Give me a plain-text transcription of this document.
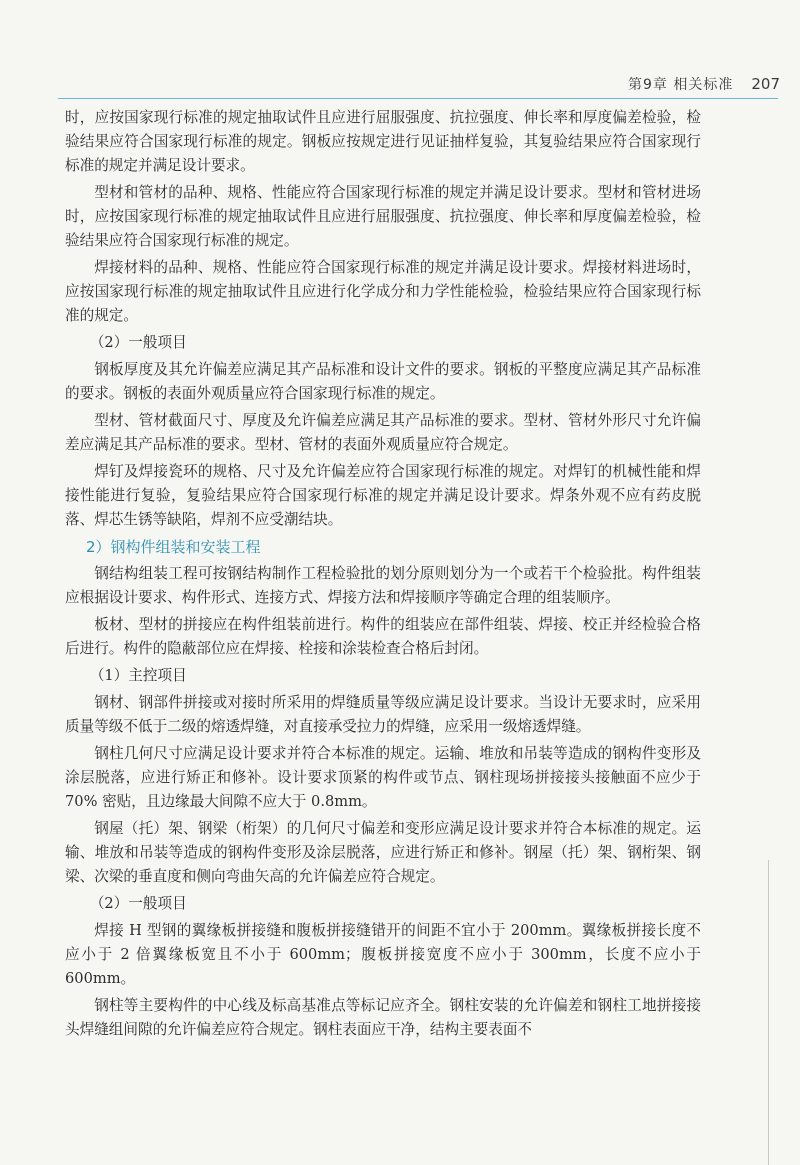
第9章 相关标准 207

时，应按国家现行标准的规定抽取试件且应进行屈服强度、抗拉强度、伸长率和厚度偏差检验，检验结果应符合国家现行标准的规定。钢板应按规定进行见证抽样复验，其复验结果应符合国家现行标准的规定并满足设计要求。

型材和管材的品种、规格、性能应符合国家现行标准的规定并满足设计要求。型材和管材进场时，应按国家现行标准的规定抽取试件且应进行屈服强度、抗拉强度、伸长率和厚度偏差检验，检验结果应符合国家现行标准的规定。

焊接材料的品种、规格、性能应符合国家现行标准的规定并满足设计要求。焊接材料进场时，应按国家现行标准的规定抽取试件且应进行化学成分和力学性能检验，检验结果应符合国家现行标准的规定。

（2）一般项目

钢板厚度及其允许偏差应满足其产品标准和设计文件的要求。钢板的平整度应满足其产品标准的要求。钢板的表面外观质量应符合国家现行标准的规定。

型材、管材截面尺寸、厚度及允许偏差应满足其产品标准的要求。型材、管材外形尺寸允许偏差应满足其产品标准的要求。型材、管材的表面外观质量应符合规定。

焊钉及焊接瓷环的规格、尺寸及允许偏差应符合国家现行标准的规定。对焊钉的机械性能和焊接性能进行复验，复验结果应符合国家现行标准的规定并满足设计要求。焊条外观不应有药皮脱落、焊芯生锈等缺陷，焊剂不应受潮结块。

2）钢构件组装和安装工程

钢结构组装工程可按钢结构制作工程检验批的划分原则划分为一个或若干个检验批。构件组装应根据设计要求、构件形式、连接方式、焊接方法和焊接顺序等确定合理的组装顺序。

板材、型材的拼接应在构件组装前进行。构件的组装应在部件组装、焊接、校正并经检验合格后进行。构件的隐蔽部位应在焊接、栓接和涂装检查合格后封闭。

（1）主控项目

钢材、钢部件拼接或对接时所采用的焊缝质量等级应满足设计要求。当设计无要求时，应采用质量等级不低于二级的熔透焊缝，对直接承受拉力的焊缝，应采用一级熔透焊缝。

钢柱几何尺寸应满足设计要求并符合本标准的规定。运输、堆放和吊装等造成的钢构件变形及涂层脱落，应进行矫正和修补。设计要求顶紧的构件或节点、钢柱现场拼接接头接触面不应少于 70% 密贴，且边缘最大间隙不应大于 0.8mm。

钢屋（托）架、钢梁（桁架）的几何尺寸偏差和变形应满足设计要求并符合本标准的规定。运输、堆放和吊装等造成的钢构件变形及涂层脱落，应进行矫正和修补。钢屋（托）架、钢桁架、钢梁、次梁的垂直度和侧向弯曲矢高的允许偏差应符合规定。

（2）一般项目

焊接 H 型钢的翼缘板拼接缝和腹板拼接缝错开的间距不宜小于 200mm。翼缘板拼接长度不应小于 2 倍翼缘板宽且不小于 600mm；腹板拼接宽度不应小于 300mm，长度不应小于 600mm。

钢柱等主要构件的中心线及标高基准点等标记应齐全。钢柱安装的允许偏差和钢柱工地拼接接头焊缝组间隙的允许偏差应符合规定。钢柱表面应干净，结构主要表面不
